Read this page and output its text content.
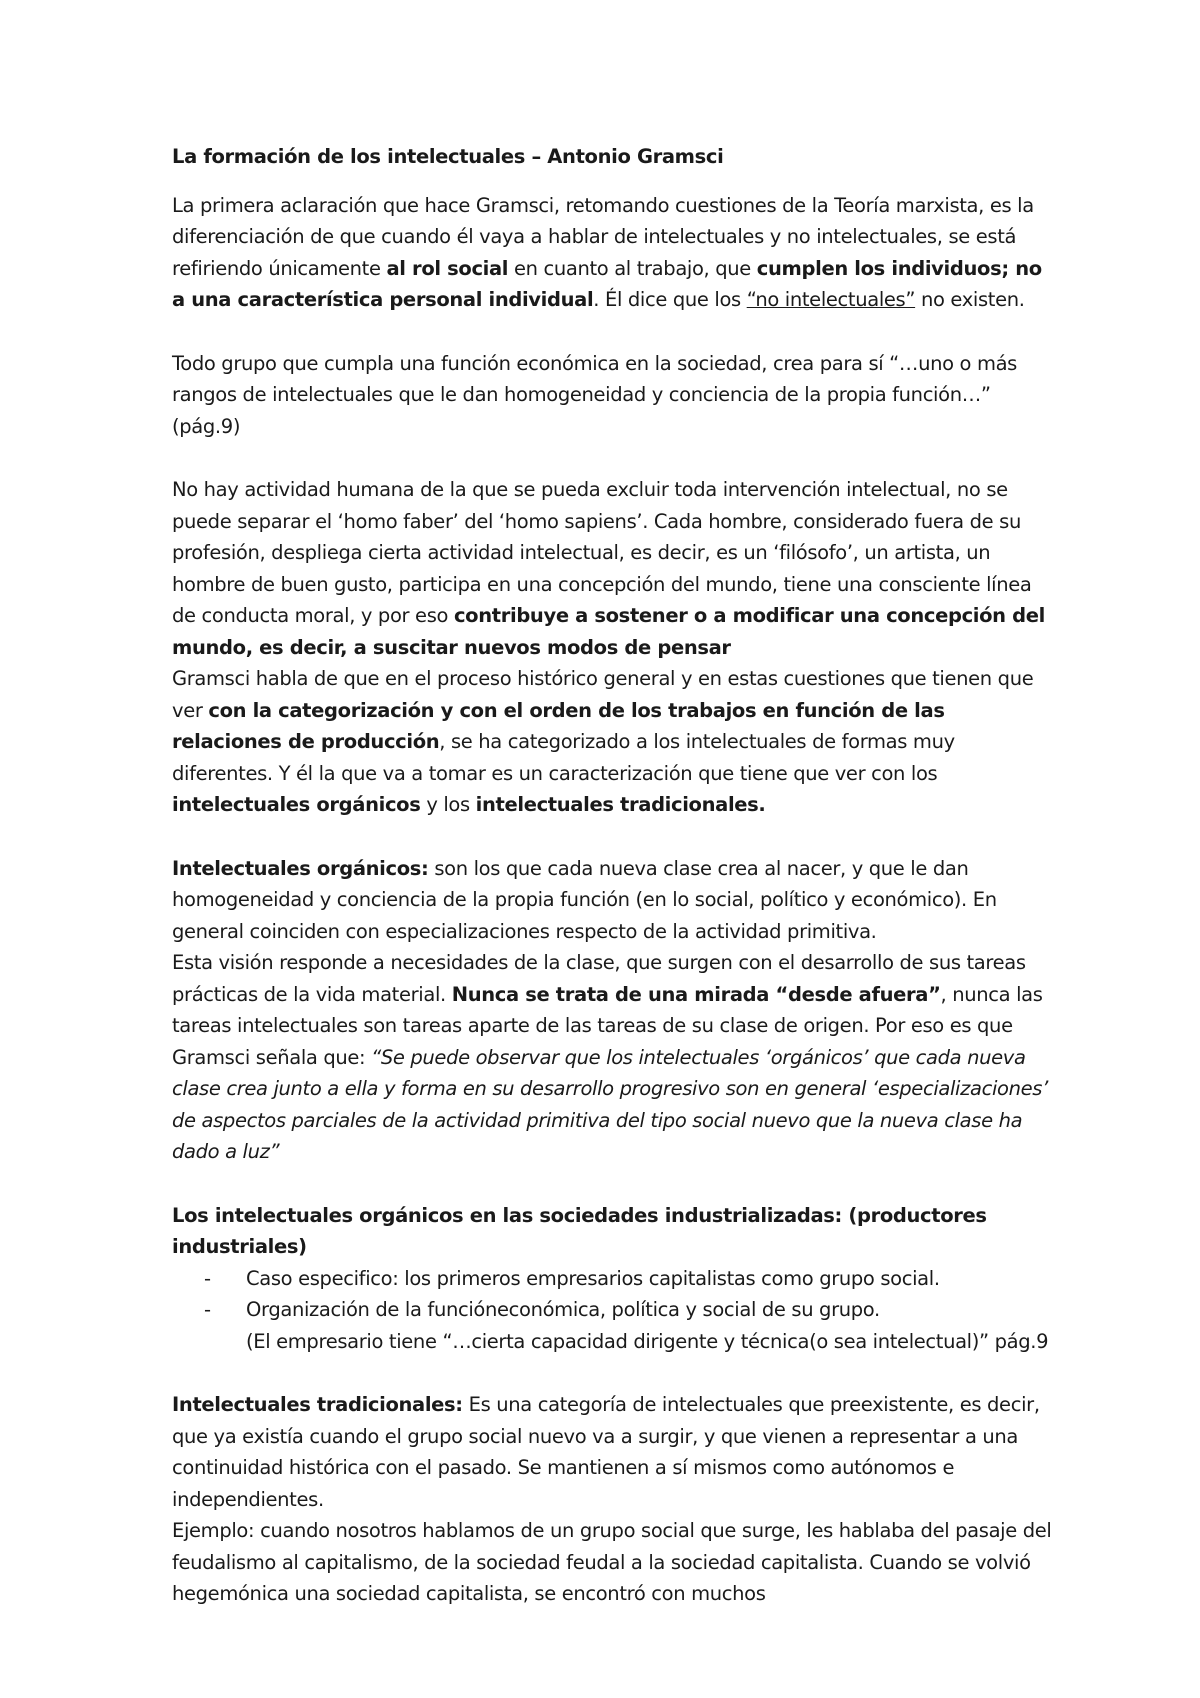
La formación de los intelectuales – Antonio Gramsci

La primera aclaración que hace Gramsci, retomando cuestiones de la Teoría marxista, es la diferenciación de que cuando él vaya a hablar de intelectuales y no intelectuales, se está refiriendo únicamente al rol social en cuanto al trabajo, que cumplen los individuos; no a una característica personal individual. Él dice que los “no intelectuales” no existen.

Todo grupo que cumpla una función económica en la sociedad, crea para sí “…uno o más rangos de intelectuales que le dan homogeneidad y conciencia de la propia función…” (pág.9)

No hay actividad humana de la que se pueda excluir toda intervención intelectual, no se puede separar el ‘homo faber’ del ‘homo sapiens’. Cada hombre, considerado fuera de su profesión, despliega cierta actividad intelectual, es decir, es un ‘filósofo’, un artista, un hombre de buen gusto, participa en una concepción del mundo, tiene una consciente línea de conducta moral, y por eso contribuye a sostener o a modificar una concepción del mundo, es decir, a suscitar nuevos modos de pensar

Gramsci habla de que en el proceso histórico general y en estas cuestiones que tienen que ver con la categorización y con el orden de los trabajos en función de las relaciones de producción, se ha categorizado a los intelectuales de formas muy diferentes. Y él la que va a tomar es un caracterización que tiene que ver con los intelectuales orgánicos y los intelectuales tradicionales.

Intelectuales orgánicos: son los que cada nueva clase crea al nacer, y que le dan homogeneidad y conciencia de la propia función (en lo social, político y económico). En general coinciden con especializaciones respecto de la actividad primitiva.

Esta visión responde a necesidades de la clase, que surgen con el desarrollo de sus tareas prácticas de la vida material. Nunca se trata de una mirada “desde afuera”, nunca las tareas intelectuales son tareas aparte de las tareas de su clase de origen. Por eso es que Gramsci señala que: “Se puede observar que los intelectuales ‘orgánicos’ que cada nueva clase crea junto a ella y forma en su desarrollo progresivo son en general ‘especializaciones’ de aspectos parciales de la actividad primitiva del tipo social nuevo que la nueva clase ha dado a luz”

Los intelectuales orgánicos en las sociedades industrializadas: (productores industriales)

- Caso especifico: los primeros empresarios capitalistas como grupo social.
- Organización de la funcióneconómica, política y social de su grupo.
(El empresario tiene “…cierta capacidad dirigente y técnica(o sea intelectual)” pág.9

Intelectuales tradicionales: Es una categoría de intelectuales que preexistente, es decir, que ya existía cuando el grupo social nuevo va a surgir, y que vienen a representar a una continuidad histórica con el pasado. Se mantienen a sí mismos como autónomos e independientes.

Ejemplo: cuando nosotros hablamos de un grupo social que surge, les hablaba del pasaje del feudalismo al capitalismo, de la sociedad feudal a la sociedad capitalista. Cuando se volvió hegemónica una sociedad capitalista, se encontró con muchos
